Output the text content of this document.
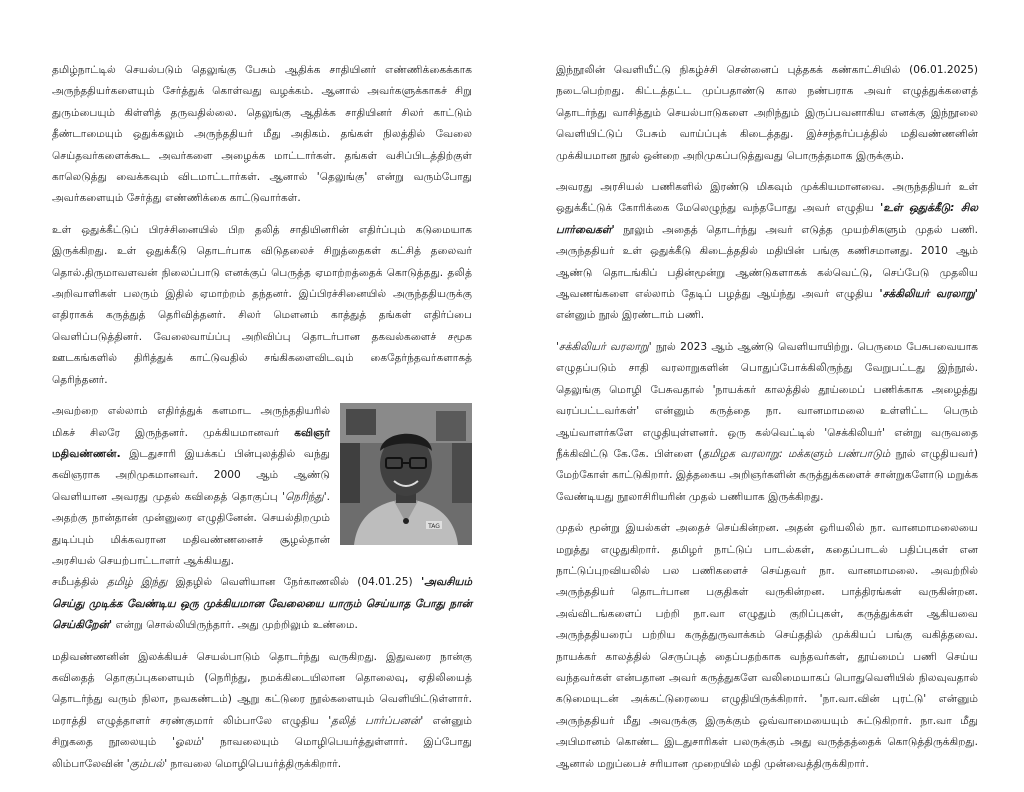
தமிழ்நாட்டில் செயல்படும் தெலுங்கு பேசும் ஆதிக்க சாதியினர் எண்ணிக்கைக்காக அருந்ததியர்களையும் சேர்த்துக் கொள்வது வழக்கம். ஆனால் அவர்களுக்காகச் சிறு துரும்பையும் கிள்ளித் தருவதில்லை. தெலுங்கு ஆதிக்க சாதியினர் சிலர் காட்டும் தீண்டாமையும் ஒதுக்கலும் அருந்ததியர் மீது அதிகம். தங்கள் நிலத்தில் வேலை செய்தவர்களைக்கூட அவர்களை அழைக்க மாட்டார்கள். தங்கள் வசிப்பிடத்திற்குள் காலெடுத்து வைக்கவும் விடமாட்டார்கள். ஆனால் 'தெலுங்கு' என்று வரும்போது அவர்களையும் சேர்த்து எண்ணிக்கை காட்டுவார்கள்.

உள் ஒதுக்கீட்டுப் பிரச்சினையில் பிற தலித் சாதியினரின் எதிர்ப்பும் கடுமையாக இருக்கிறது. உள் ஒதுக்கீடு தொடர்பாக விடுதலைச் சிறுத்தைகள் கட்சித் தலைவர் தொல்.திருமாவளவன் நிலைப்பாடு எனக்குப் பெருத்த ஏமாற்றத்தைக் கொடுத்தது. தலித் அறிவாளிகள் பலரும் இதில் ஏமாற்றம் தந்தனர். இப்பிரச்சினையில் அருந்ததியருக்கு எதிராகக் கருத்துத் தெரிவித்தனர். சிலர் மௌனம் காத்துத் தங்கள் எதிர்ப்பை வெளிப்படுத்தினர். வேலைவாய்ப்பு அறிவிப்பு தொடர்பான தகவல்களைச் சமூக ஊடகங்களில் திரித்துக் காட்டுவதில் சங்கிகளைவிடவும் கைதேர்ந்தவர்களாகத் தெரிந்தனர்.

TAG

அவற்றை எல்லாம் எதிர்த்துக் களமாட அருந்ததியரில் மிகச் சிலரே இருந்தனர். முக்கியமானவர் கவிஞர் மதிவண்ணன். இடதுசாரி இயக்கப் பின்புலத்தில் வந்து கவிஞராக அறிமுகமானவர். 2000 ஆம் ஆண்டு வெளியான அவரது முதல் கவிதைத் தொகுப்பு 'நெரிந்து'. அதற்கு நான்தான் முன்னுரை எழுதினேன். செயல்திறமும் துடிப்பும் மிக்கவரான மதிவண்ணனைச் சூழல்தான் அரசியல் செயற்பாட்டாளர் ஆக்கியது.

சமீபத்தில் தமிழ் இந்து இதழில் வெளியான நேர்காணலில் (04.01.25) 'அவசியம் செய்து முடிக்க வேண்டிய ஒரு முக்கியமான வேலையை யாரும் செய்யாத போது நான் செய்கிறேன்' என்று சொல்லியிருந்தார். அது முற்றிலும் உண்மை.

மதிவண்ணனின் இலக்கியச் செயல்பாடும் தொடர்ந்து வருகிறது. இதுவரை நான்கு கவிதைத் தொகுப்புகளையும் (நெரிந்து, நமக்கிடையிலான தொலைவு, ஏதிலியைத் தொடர்ந்து வரும் நிலா, நவகண்டம்) ஆறு கட்டுரை நூல்களையும் வெளியிட்டுள்ளார். மராத்தி எழுத்தாளர் சரண்குமார் லிம்பாலே எழுதிய 'தலித் பார்ப்பனன்' என்னும் சிறுகதை நூலையும் 'ஓலம்' நாவலையும் மொழிபெயர்த்துள்ளார். இப்போது லிம்பாலேவின் 'கும்பல்' நாவலை மொழிபெயர்த்திருக்கிறார்.

இந்நூலின் வெளியீட்டு நிகழ்ச்சி சென்னைப் புத்தகக் கண்காட்சியில் (06.01.2025) நடைபெற்றது. கிட்டத்தட்ட முப்பதாண்டு கால நண்பராக அவர் எழுத்துக்களைத் தொடர்ந்து வாசித்தும் செயல்பாடுகளை அறிந்தும் இருப்பவனாகிய எனக்கு இந்நூலை வெளியிட்டுப் பேசும் வாய்ப்புக் கிடைத்தது. இச்சந்தர்ப்பத்தில் மதிவண்ணனின் முக்கியமான நூல் ஒன்றை அறிமுகப்படுத்துவது பொருத்தமாக இருக்கும்.

அவரது அரசியல் பணிகளில் இரண்டு மிகவும் முக்கியமானவை. அருந்ததியர் உள் ஒதுக்கீட்டுக் கோரிக்கை மேலெழுந்து வந்தபோது அவர் எழுதிய 'உள் ஒதுக்கீடு: சில பார்வைகள்' நூலும் அதைத் தொடர்ந்து அவர் எடுத்த முயற்சிகளும் முதல் பணி. அருந்ததியர் உள் ஒதுக்கீடு கிடைத்ததில் மதியின் பங்கு கணிசமானது. 2010 ஆம் ஆண்டு தொடங்கிப் பதின்மூன்று ஆண்டுகளாகக் கல்வெட்டு, செப்பேடு முதலிய ஆவணங்களை எல்லாம் தேடிப் பழத்து ஆய்ந்து அவர் எழுதிய 'சக்கிலியர் வரலாறு' என்னும் நூல் இரண்டாம் பணி.

'சக்கிலியர் வரலாறு' நூல் 2023 ஆம் ஆண்டு வெளியாயிற்று. பெருமை பேசுபவையாக எழுதப்படும் சாதி வரலாறுகளின் பொதுப்போக்கிலிருந்து வேறுபட்டது இந்நூல். தெலுங்கு மொழி பேசுவதால் 'நாயக்கர் காலத்தில் தூய்மைப் பணிக்காக அழைத்து வரப்பட்டவர்கள்' என்னும் கருத்தை நா. வானமாமலை உள்ளிட்ட பெரும் ஆய்வாளர்களே எழுதியுள்ளனர். ஒரு கல்வெட்டில் 'செக்கிலியர்' என்று வருவதை நீக்கிவிட்டு கே.கே. பிள்ளை (தமிழக வரலாறு: மக்களும் பண்பாடும் நூல் எழுதியவர்) மேற்கோள் காட்டுகிறார். இத்தகைய அறிஞர்களின் கருத்துக்களைச் சான்றுகளோடு மறுக்க வேண்டியது நூலாசிரியரின் முதல் பணியாக இருக்கிறது.

முதல் மூன்று இயல்கள் அதைச் செய்கின்றன. அதன் ஒரியலில் நா. வானமாமலையை மறுத்து எழுதுகிறார். தமிழர் நாட்டுப் பாடல்கள், கதைப்பாடல் பதிப்புகள் என நாட்டுப்புறவியலில் பல பணிகளைச் செய்தவர் நா. வானமாமலை. அவற்றில் அருந்ததியர் தொடர்பான பகுதிகள் வருகின்றன. பாத்திரங்கள் வருகின்றன. அவ்விடங்களைப் பற்றி நா.வா எழுதும் குறிப்புகள், கருத்துக்கள் ஆகியவை அருந்ததியரைப் பற்றிய கருத்துருவாக்கம் செய்ததில் முக்கியப் பங்கு வகித்தவை. நாயக்கர் காலத்தில் செருப்புத் தைப்பதற்காக வந்தவர்கள், தூய்மைப் பணி செய்ய வந்தவர்கள் என்பதான அவர் கருத்துகளே வலிமையாகப் பொதுவெளியில் நிலவுவதால் கடுமையுடன் அக்கட்டுரையை எழுதியிருக்கிறார். 'நா.வா.வின் புரட்டு' என்னும் அருந்ததியர் மீது அவருக்கு இருக்கும் ஒவ்வாமையையும் சுட்டுகிறார். நா.வா மீது அபிமானம் கொண்ட இடதுசாரிகள் பலருக்கும் அது வருத்தத்தைக் கொடுத்திருக்கிறது. ஆனால் மறுப்பைச் சரியான முறையில் மதி முன்வைத்திருக்கிறார்.
